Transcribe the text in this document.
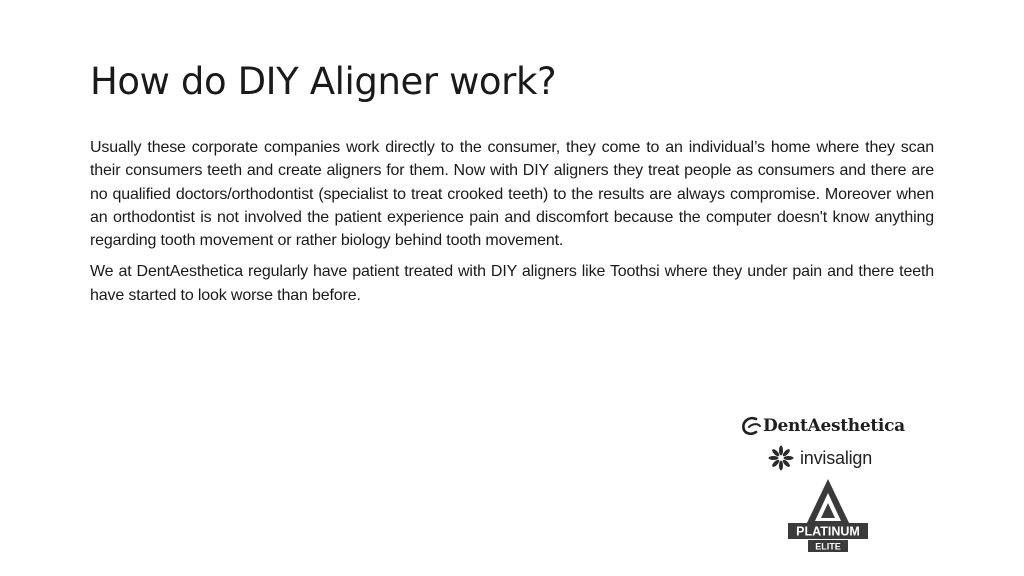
How do DIY Aligner work?

Usually these corporate companies work directly to the consumer, they come to an individual’s home where they scan their consumers teeth and create aligners for them. Now with DIY aligners they treat people as consumers and there are no qualified doctors/orthodontist (specialist to treat crooked teeth) to the results are always compromise. Moreover when an orthodontist is not involved the patient experience pain and discomfort because the computer doesn't know anything regarding tooth movement or rather biology behind tooth movement.

We at DentAesthetica regularly have patient treated with DIY aligners like Toothsi where they under pain and there teeth have started to look worse than before.

DentAesthetica
invisalign
PLATINUM
ELITE
